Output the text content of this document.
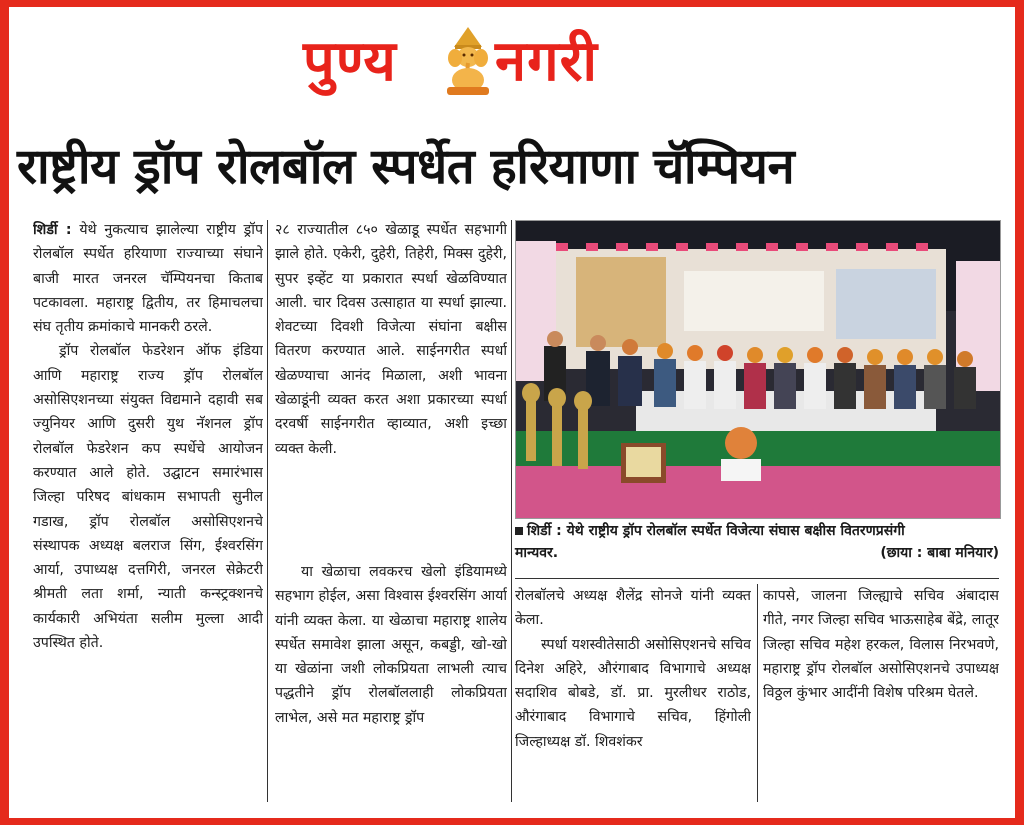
पुण्य नगरी
राष्ट्रीय ड्रॉप रोलबॉल स्पर्धेत हरियाणा चॅम्पियन

शिर्डी : येथे नुकत्याच झालेल्या राष्ट्रीय ड्रॉप रोलबॉल स्पर्धेत हरियाणा राज्याच्या संघाने बाजी मारत जनरल चॅम्पियनचा किताब पटकावला. महाराष्ट्र द्वितीय, तर हिमाचलचा संघ तृतीय क्रमांकाचे मानकरी ठरले.

ड्रॉप रोलबॉल फेडरेशन ऑफ इंडिया आणि महाराष्ट्र राज्य ड्रॉप रोलबॉल असोसिएशनच्या संयुक्त विद्यमाने दहावी सब ज्युनियर आणि दुसरी युथ नॅशनल ड्रॉप रोलबॉल फेडरेशन कप स्पर्धेचे आयोजन करण्यात आले होते. उद्घाटन समारंभास जिल्हा परिषद बांधकाम सभापती सुनील गडाख, ड्रॉप रोलबॉल असोसिएशनचे संस्थापक अध्यक्ष बलराज सिंग, ईश्वरसिंग आर्या, उपाध्यक्ष दत्तगिरी, जनरल सेक्रेटरी श्रीमती लता शर्मा, न्याती कन्स्ट्रक्शनचे कार्यकारी अभियंता सलीम मुल्ला आदी उपस्थित होते.

२८ राज्यातील ८५० खेळाडू स्पर्धेत सहभागी झाले होते. एकेरी, दुहेरी, तिहेरी, मिक्स दुहेरी, सुपर इव्हेंट या प्रकारात स्पर्धा खेळविण्यात आली. चार दिवस उत्साहात या स्पर्धा झाल्या. शेवटच्या दिवशी विजेत्या संघांना बक्षीस वितरण करण्यात आले. साईनगरीत स्पर्धा खेळण्याचा आनंद मिळाला, अशी भावना खेळाडूंनी व्यक्त करत अशा प्रकारच्या स्पर्धा दरवर्षी साईनगरीत व्हाव्यात, अशी इच्छा व्यक्त केली.

या खेळाचा लवकरच खेलो इंडियामध्ये सहभाग होईल, असा विश्वास ईश्वरसिंग आर्या यांनी व्यक्त केला. या खेळाचा महाराष्ट्र शालेय स्पर्धेत समावेश झाला असून, कबड्डी, खो-खो या खेळांना जशी लोकप्रियता लाभली त्याच पद्धतीने ड्रॉप रोलबॉललाही लोकप्रियता लाभेल, असे मत महाराष्ट्र ड्रॉप

शिर्डी : येथे राष्ट्रीय ड्रॉप रोलबॉल स्पर्धेत विजेत्या संघास बक्षीस वितरणप्रसंगी
मान्यवर.	(छाया : बाबा मनियार)

रोलबॉलचे अध्यक्ष शैलेंद्र सोनजे यांनी व्यक्त केला.

स्पर्धा यशस्वीतेसाठी असोसिएशनचे सचिव दिनेश अहिरे, औरंगाबाद विभागाचे अध्यक्ष सदाशिव बोबडे, डॉ. प्रा. मुरलीधर राठोड, औरंगाबाद विभागाचे सचिव, हिंगोली जिल्हाध्यक्ष डॉ. शिवशंकर

कापसे, जालना जिल्ह्याचे सचिव अंबादास गीते, नगर जिल्हा सचिव भाऊसाहेब बेंद्रे, लातूर जिल्हा सचिव महेश हरकल, विलास निरभवणे, महाराष्ट्र ड्रॉप रोलबॉल असोसिएशनचे उपाध्यक्ष विठ्ठल कुंभार आदींनी विशेष परिश्रम घेतले.
